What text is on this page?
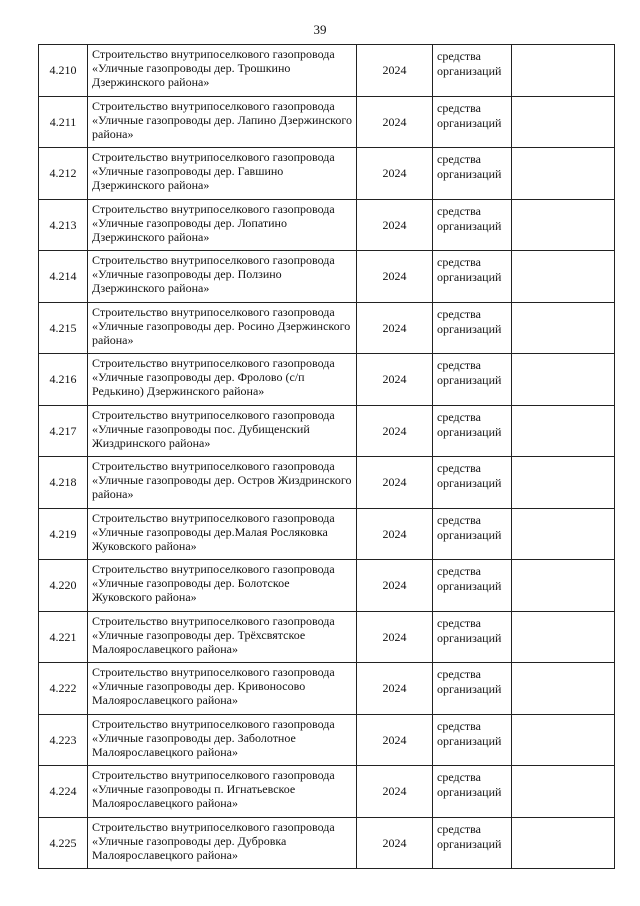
39
4.210
Строительство внутрипоселкового газопровода «Уличные газопроводы дер. Трошкино Дзержинского района»
2024
средства организаций
4.211
Строительство внутрипоселкового газопровода «Уличные газопроводы дер. Лапино Дзержинского района»
2024
средства организаций
4.212
Строительство внутрипоселкового газопровода «Уличные газопроводы дер. Гавшино Дзержинского района»
2024
средства организаций
4.213
Строительство внутрипоселкового газопровода «Уличные газопроводы дер. Лопатино Дзержинского района»
2024
средства организаций
4.214
Строительство внутрипоселкового газопровода «Уличные газопроводы дер. Ползино Дзержинского района»
2024
средства организаций
4.215
Строительство внутрипоселкового газопровода «Уличные газопроводы дер. Росино Дзержинского района»
2024
средства организаций
4.216
Строительство внутрипоселкового газопровода «Уличные газопроводы дер. Фролово (с/п Редькино) Дзержинского района»
2024
средства организаций
4.217
Строительство внутрипоселкового газопровода «Уличные газопроводы пос. Дубищенский Жиздринского района»
2024
средства организаций
4.218
Строительство внутрипоселкового газопровода «Уличные газопроводы дер. Остров Жиздринского района»
2024
средства организаций
4.219
Строительство внутрипоселкового газопровода «Уличные газопроводы дер.Малая Росляковка Жуковского района»
2024
средства организаций
4.220
Строительство внутрипоселкового газопровода «Уличные газопроводы дер. Болотское Жуковского района»
2024
средства организаций
4.221
Строительство внутрипоселкового газопровода «Уличные газопроводы дер. Трёхсвятское Малоярославецкого района»
2024
средства организаций
4.222
Строительство внутрипоселкового газопровода «Уличные газопроводы дер. Кривоносово Малоярославецкого района»
2024
средства организаций
4.223
Строительство внутрипоселкового газопровода «Уличные газопроводы дер. Заболотное Малоярославецкого района»
2024
средства организаций
4.224
Строительство внутрипоселкового газопровода «Уличные газопроводы п. Игнатьевское Малоярославецкого района»
2024
средства организаций
4.225
Строительство внутрипоселкового газопровода «Уличные газопроводы дер. Дубровка Малоярославецкого района»
2024
средства организаций
